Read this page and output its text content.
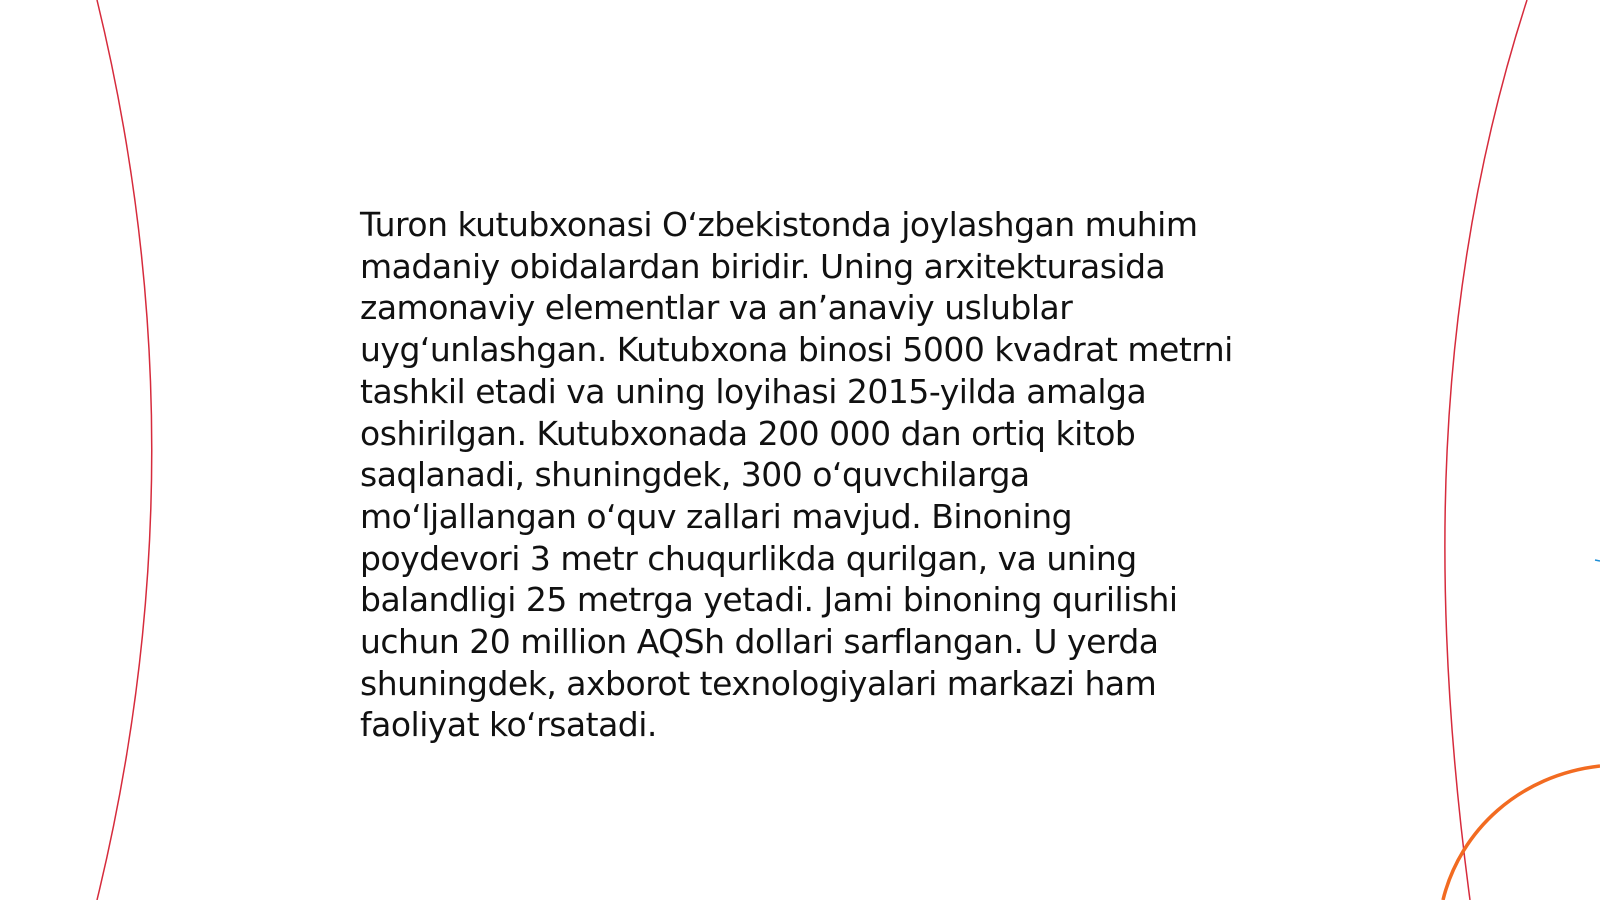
Turon kutubxonasi O‘zbekistonda joylashgan muhim
madaniy obidalardan biridir. Uning arxitekturasida
zamonaviy elementlar va an’anaviy uslublar
uyg‘unlashgan. Kutubxona binosi 5000 kvadrat metrni
tashkil etadi va uning loyihasi 2015-yilda amalga
oshirilgan. Kutubxonada 200 000 dan ortiq kitob
saqlanadi, shuningdek, 300 o‘quvchilarga
mo‘ljallangan o‘quv zallari mavjud. Binoning
poydevori 3 metr chuqurlikda qurilgan, va uning
balandligi 25 metrga yetadi. Jami binoning qurilishi
uchun 20 million AQSh dollari sarflangan. U yerda
shuningdek, axborot texnologiyalari markazi ham
faoliyat ko‘rsatadi.
